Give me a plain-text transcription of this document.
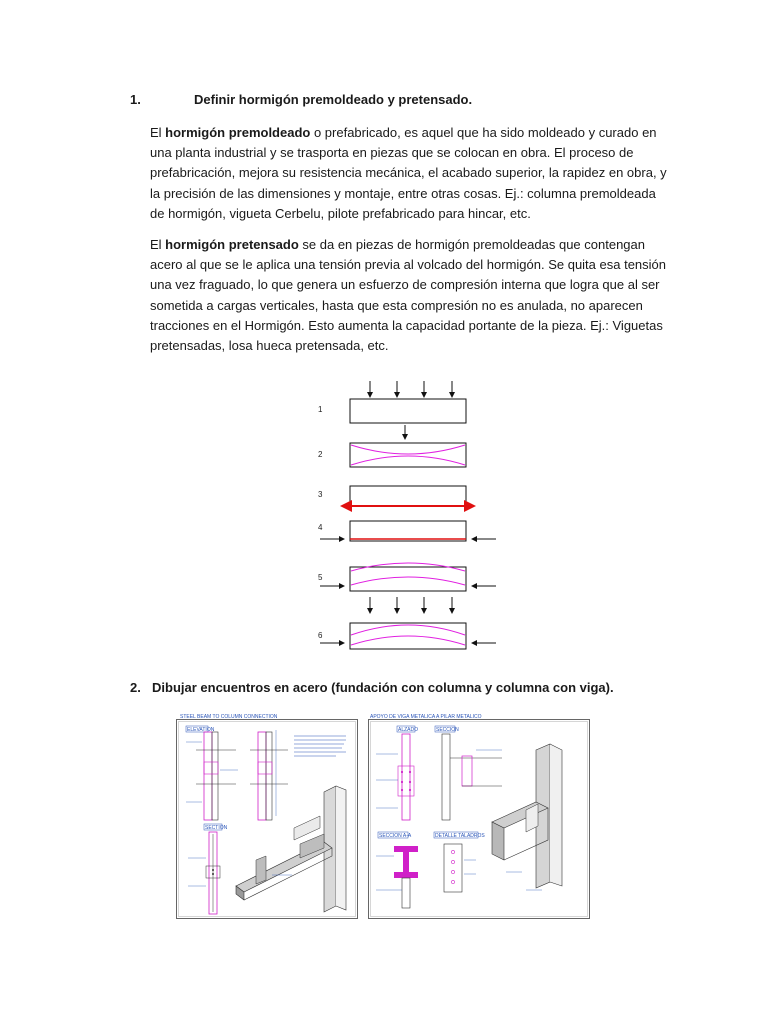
1.	Definir hormigón premoldeado y pretensado.

El hormigón premoldeado o prefabricado, es aquel que ha sido moldeado y curado en una planta industrial y se trasporta en piezas que se colocan en obra. El proceso de prefabricación, mejora su resistencia mecánica, el acabado superior, la rapidez en obra, y la precisión de las dimensiones y montaje, entre otras cosas. Ej.: columna premoldeada de hormigón, vigueta Cerbelu, pilote prefabricado para hincar, etc.

El hormigón pretensado se da en piezas de hormigón premoldeadas que contengan acero al que se le aplica una tensión previa al volcado del hormigón. Se quita esa tensión una vez fraguado, lo que genera un esfuerzo de compresión interna que logra que al ser sometida a cargas verticales, hasta que esta compresión no es anulada, no aparecen tracciones en el Hormigón. Esto aumenta la capacidad portante de la pieza. Ej.: Viguetas pretensadas, losa hueca pretensada, etc.

1
2
3
4
5
6
2. Dibujar encuentros en acero (fundación con columna y columna con viga).
STEEL BEAM TO COLUMN CONNECTION
ELEVATION
SECTION
APOYO DE VIGA METALICA A PILAR METALICO
ALZADO	SECCION
SECCION A-A	DETALLE TALADROS
